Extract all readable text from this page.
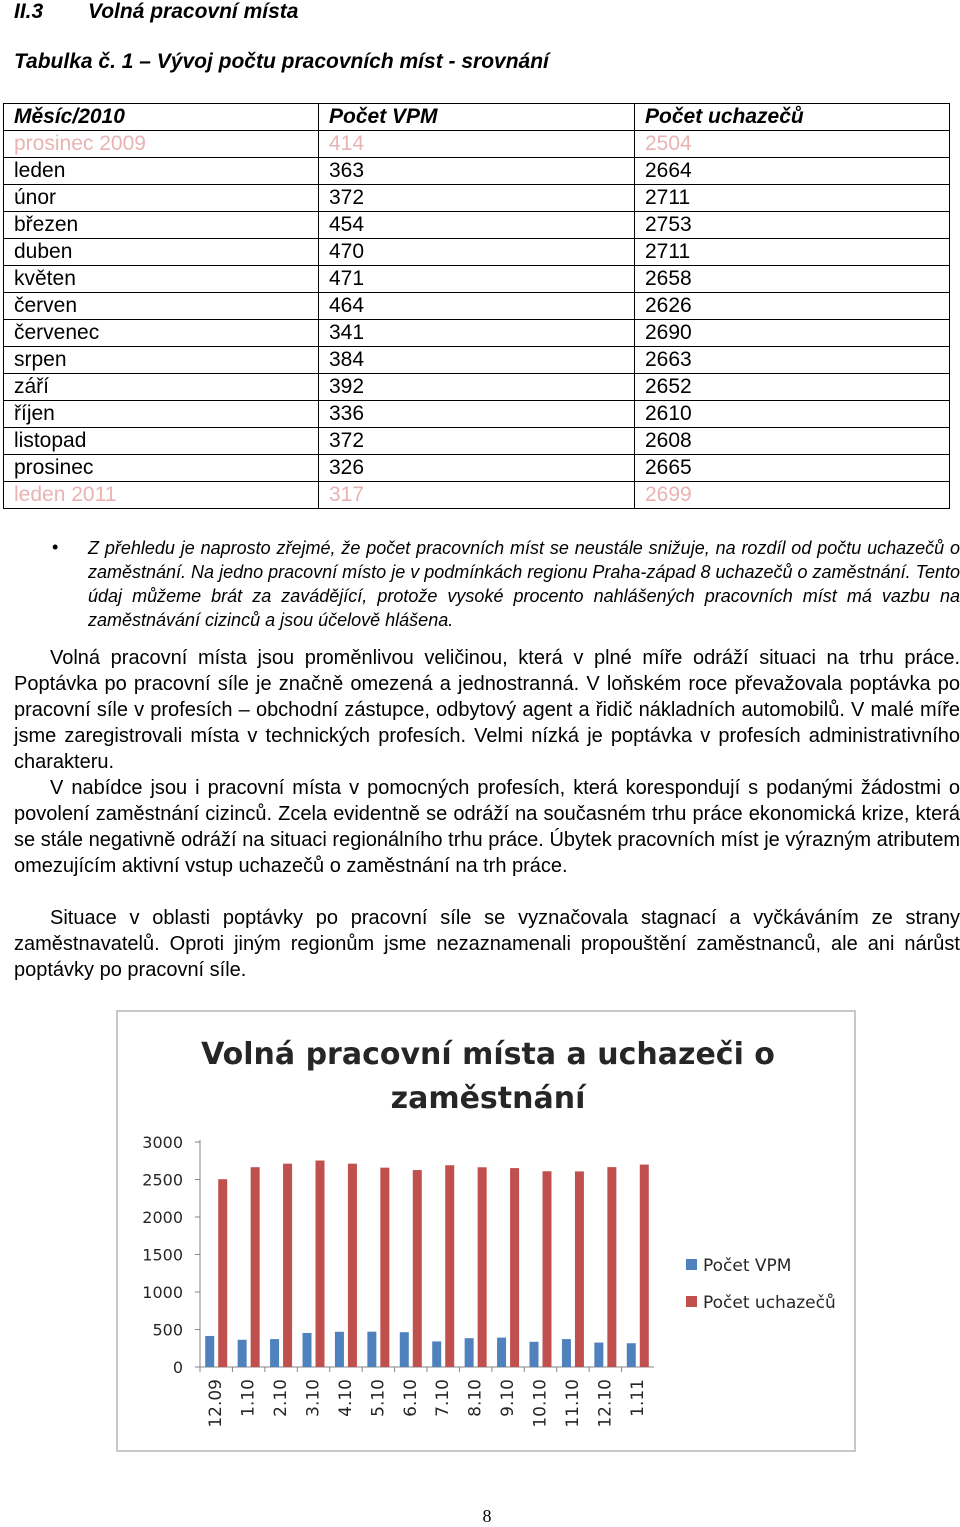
II.3 Volná pracovní místa
Tabulka č. 1 – Vývoj počtu pracovních míst - srovnání
Měsíc/2010	Počet VPM	Počet uchazečů
prosinec 2009	414	2504
leden	363	2664
únor	372	2711
březen	454	2753
duben	470	2711
květen	471	2658
červen	464	2626
červenec	341	2690
srpen	384	2663
září	392	2652
říjen	336	2610
listopad	372	2608
prosinec	326	2665
leden 2011	317	2699
• Z přehledu je naprosto zřejmé, že počet pracovních míst se neustále snižuje, na rozdíl od počtu uchazečů o zaměstnání. Na jedno pracovní místo je v podmínkách regionu Praha-západ 8 uchazečů o zaměstnání. Tento údaj můžeme brát za zavádějící, protože vysoké procento nahlášených pracovních míst má vazbu na zaměstnávání cizinců a jsou účelově hlášena.
Volná pracovní místa jsou proměnlivou veličinou, která v plné míře odráží situaci na trhu práce. Poptávka po pracovní síle je značně omezená a jednostranná. V loňském roce převažovala poptávka po pracovní síle v profesích – obchodní zástupce, odbytový agent a řidič nákladních automobilů. V malé míře jsme zaregistrovali místa v technických profesích. Velmi nízká je poptávka v profesích administrativního charakteru.
V nabídce jsou i pracovní místa v pomocných profesích, která korespondují s podanými žádostmi o povolení zaměstnání cizinců. Zcela evidentně se odráží na současném trhu práce ekonomická krize, která se stále negativně odráží na situaci regionálního trhu práce. Úbytek pracovních míst je výrazným atributem omezujícím aktivní vstup uchazečů o zaměstnání na trh práce.
Situace v oblasti poptávky po pracovní síle se vyznačovala stagnací a vyčkáváním ze strany zaměstnavatelů. Oproti jiným regionům jsme nezaznamenali propouštění zaměstnanců, ale ani nárůst poptávky po pracovní síle.
Volná pracovní místa a uchazeči o
zaměstnání
0
500
1000
1500
2000
2500
3000
12.09 1.10 2.10 3.10 4.10 5.10 6.10 7.10 8.10 9.10 10.10 11.10 12.10 1.11
Počet VPM
Počet uchazečů
8
